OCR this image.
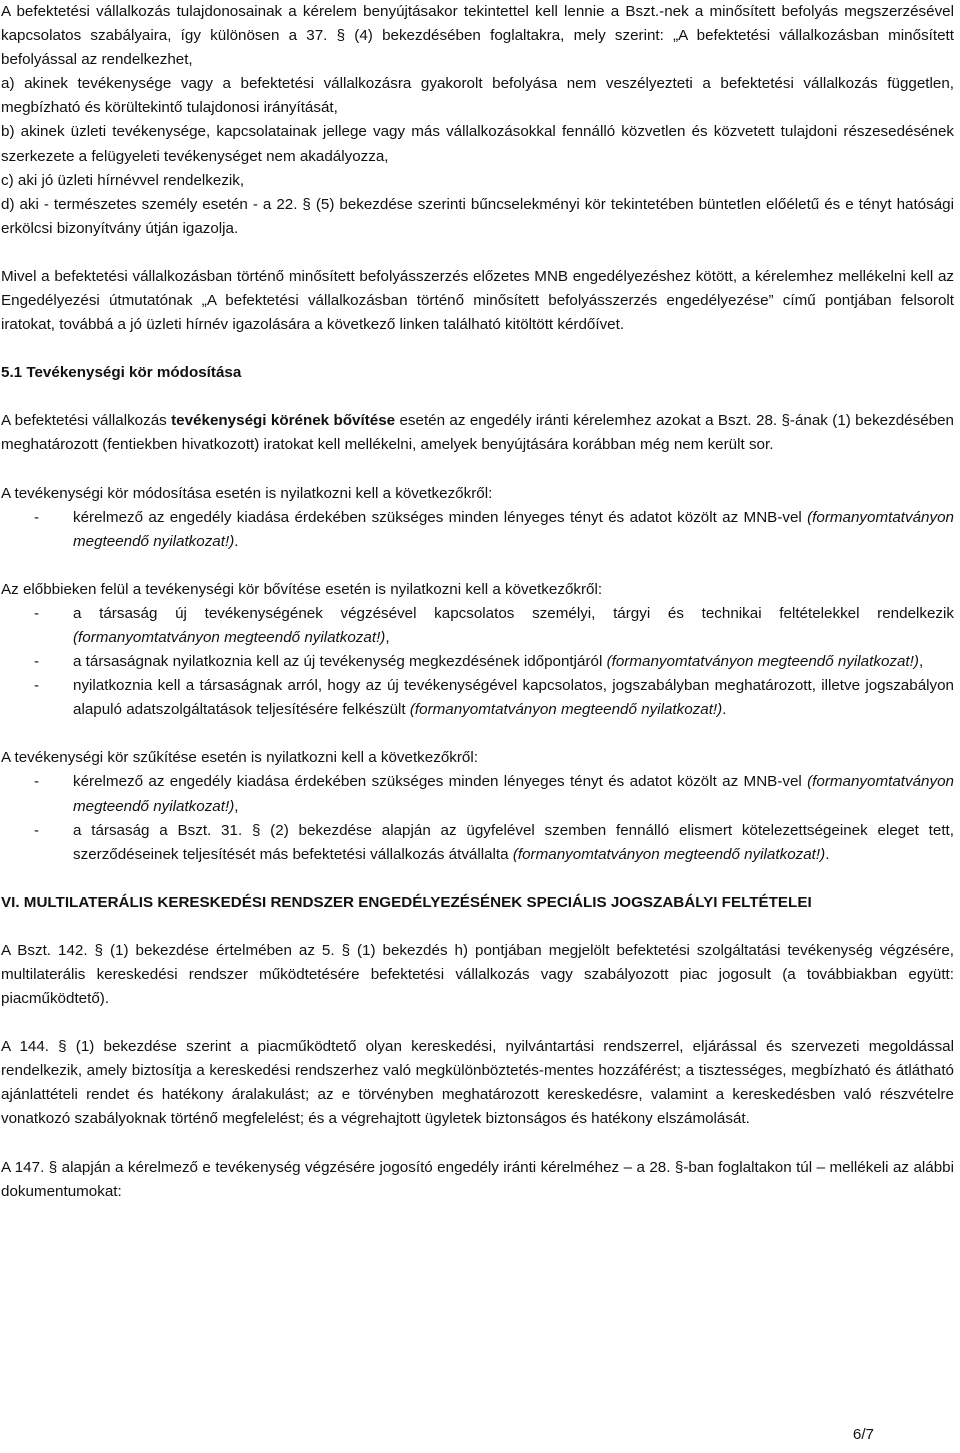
A befektetési vállalkozás tulajdonosainak a kérelem benyújtásakor tekintettel kell lennie a Bszt.-nek a minősített befolyás megszerzésével kapcsolatos szabályaira, így különösen a 37. § (4) bekezdésében foglaltakra, mely szerint: „A befektetési vállalkozásban minősített befolyással az rendelkezhet,

a) akinek tevékenysége vagy a befektetési vállalkozásra gyakorolt befolyása nem veszélyezteti a befektetési vállalkozás független, megbízható és körültekintő tulajdonosi irányítását,

b) akinek üzleti tevékenysége, kapcsolatainak jellege vagy más vállalkozásokkal fennálló közvetlen és közvetett tulajdoni részesedésének szerkezete a felügyeleti tevékenységet nem akadályozza,

c) aki jó üzleti hírnévvel rendelkezik,

d) aki - természetes személy esetén - a 22. § (5) bekezdése szerinti bűncselekményi kör tekintetében büntetlen előéletű és e tényt hatósági erkölcsi bizonyítvány útján igazolja.

Mivel a befektetési vállalkozásban történő minősített befolyásszerzés előzetes MNB engedélyezéshez kötött, a kérelemhez mellékelni kell az Engedélyezési útmutatónak „A befektetési vállalkozásban történő minősített befolyásszerzés engedélyezése” című pontjában felsorolt iratokat, továbbá a jó üzleti hírnév igazolására a következő linken található kitöltött kérdőívet.

5.1 Tevékenységi kör módosítása

A befektetési vállalkozás tevékenységi körének bővítése esetén az engedély iránti kérelemhez azokat a Bszt. 28. §-ának (1) bekezdésében meghatározott (fentiekben hivatkozott) iratokat kell mellékelni, amelyek benyújtására korábban még nem került sor.

A tevékenységi kör módosítása esetén is nyilatkozni kell a következőkről:

- kérelmező az engedély kiadása érdekében szükséges minden lényeges tényt és adatot közölt az MNB-vel (formanyomtatványon megteendő nyilatkozat!).

Az előbbieken felül a tevékenységi kör bővítése esetén is nyilatkozni kell a következőkről:

- a társaság új tevékenységének végzésével kapcsolatos személyi, tárgyi és technikai feltételekkel rendelkezik (formanyomtatványon megteendő nyilatkozat!),
- a társaságnak nyilatkoznia kell az új tevékenység megkezdésének időpontjáról (formanyomtatványon megteendő nyilatkozat!),
- nyilatkoznia kell a társaságnak arról, hogy az új tevékenységével kapcsolatos, jogszabályban meghatározott, illetve jogszabályon alapuló adatszolgáltatások teljesítésére felkészült (formanyomtatványon megteendő nyilatkozat!).

A tevékenységi kör szűkítése esetén is nyilatkozni kell a következőkről:

- kérelmező az engedély kiadása érdekében szükséges minden lényeges tényt és adatot közölt az MNB-vel (formanyomtatványon megteendő nyilatkozat!),
- a társaság a Bszt. 31. § (2) bekezdése alapján az ügyfelével szemben fennálló elismert kötelezettségeinek eleget tett, szerződéseinek teljesítését más befektetési vállalkozás átvállalta (formanyomtatványon megteendő nyilatkozat!).

VI. MULTILATERÁLIS KERESKEDÉSI RENDSZER ENGEDÉLYEZÉSÉNEK SPECIÁLIS JOGSZABÁLYI FELTÉTELEI

A Bszt. 142. § (1) bekezdése értelmében az 5. § (1) bekezdés h) pontjában megjelölt befektetési szolgáltatási tevékenység végzésére, multilaterális kereskedési rendszer működtetésére befektetési vállalkozás vagy szabályozott piac jogosult (a továbbiakban együtt: piacműködtető).

A 144. § (1) bekezdése szerint a piacműködtető olyan kereskedési, nyilvántartási rendszerrel, eljárással és szervezeti megoldással rendelkezik, amely biztosítja a kereskedési rendszerhez való megkülönböztetés-mentes hozzáférést; a tisztességes, megbízható és átlátható ajánlattételi rendet és hatékony áralakulást; az e törvényben meghatározott kereskedésre, valamint a kereskedésben való részvételre vonatkozó szabályoknak történő megfelelést; és a végrehajtott ügyletek biztonságos és hatékony elszámolását.

A 147. § alapján a kérelmező e tevékenység végzésére jogosító engedély iránti kérelméhez – a 28. §-ban foglaltakon túl – mellékeli az alábbi dokumentumokat:

6/7
